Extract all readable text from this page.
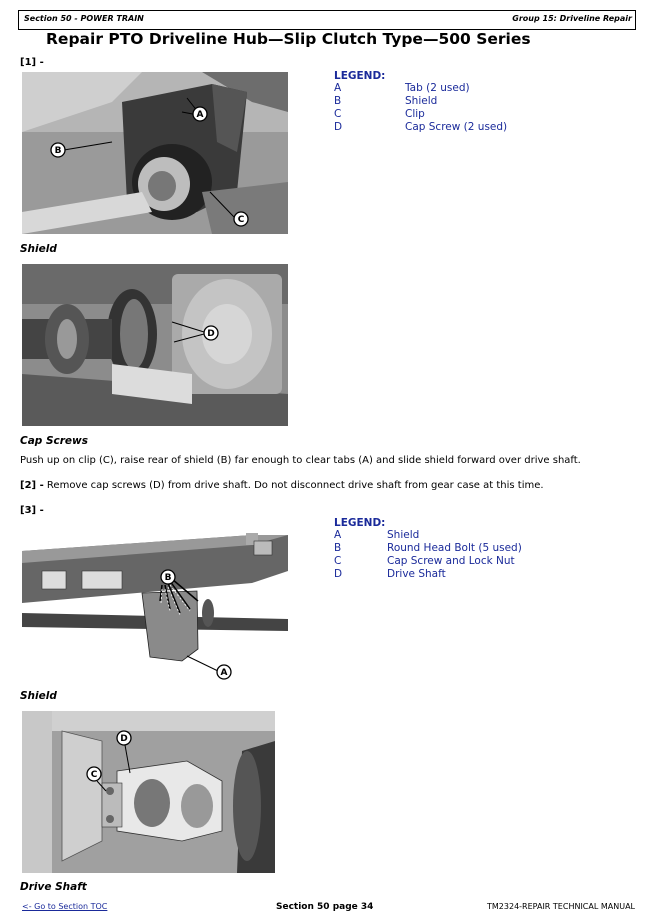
Section 50 - POWER TRAIN	Group 15: Driveline Repair
Repair PTO Driveline Hub—Slip Clutch Type—500 Series
[1] -
A
B
C
LEGEND:
A	Tab (2 used)
B	Shield
C	Clip
D	Cap Screw (2 used)
Shield
D
Cap Screws
Push up on clip (C), raise rear of shield (B) far enough to clear tabs (A) and slide shield forward over drive shaft.
[2] - Remove cap screws (D) from drive shaft. Do not disconnect drive shaft from gear case at this time.
[3] -
LEGEND:
A	Shield
B	Round Head Bolt (5 used)
C	Cap Screw and Lock Nut
D	Drive Shaft
B
A
Shield
D
C
Drive Shaft
<- Go to Section TOC	Section 50 page 34	TM2324-REPAIR TECHNICAL MANUAL
